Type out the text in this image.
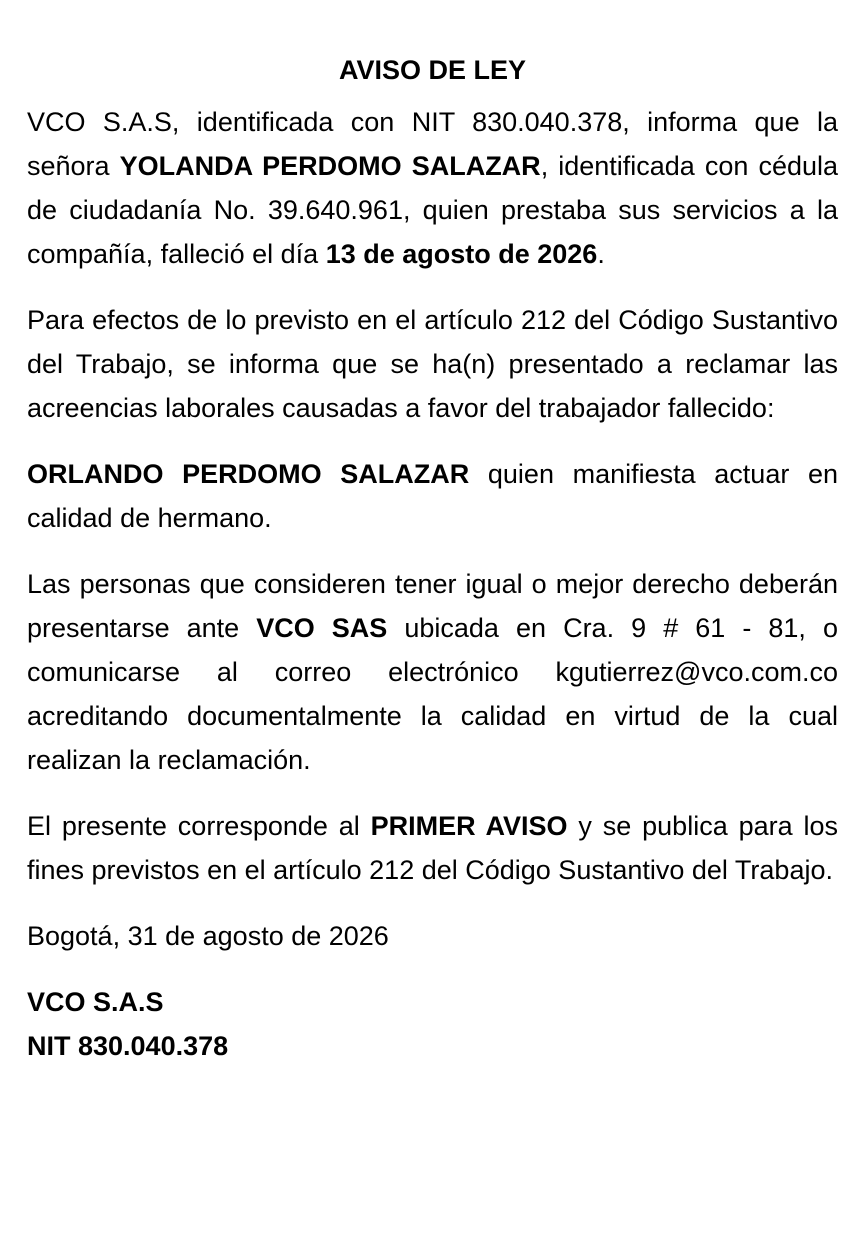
AVISO DE LEY

VCO S.A.S, identificada con NIT 830.040.378, informa que la señora YOLANDA PERDOMO SALAZAR, identificada con cédula de ciudadanía No. 39.640.961, quien prestaba sus servicios a la compañía, falleció el día 13 de agosto de 2026.

Para efectos de lo previsto en el artículo 212 del Código Sustantivo del Trabajo, se informa que se ha(n) presentado a reclamar las acreencias laborales causadas a favor del trabajador fallecido:

ORLANDO PERDOMO SALAZAR quien manifiesta actuar en calidad de hermano.

Las personas que consideren tener igual o mejor derecho deberán presentarse ante VCO SAS ubicada en Cra. 9 # 61 - 81, o comunicarse al correo electrónico kgutierrez@vco.com.co acreditando documentalmente la calidad en virtud de la cual realizan la reclamación.

El presente corresponde al PRIMER AVISO y se publica para los fines previstos en el artículo 212 del Código Sustantivo del Trabajo.

Bogotá, 31 de agosto de 2026

VCO S.A.S

NIT 830.040.378
